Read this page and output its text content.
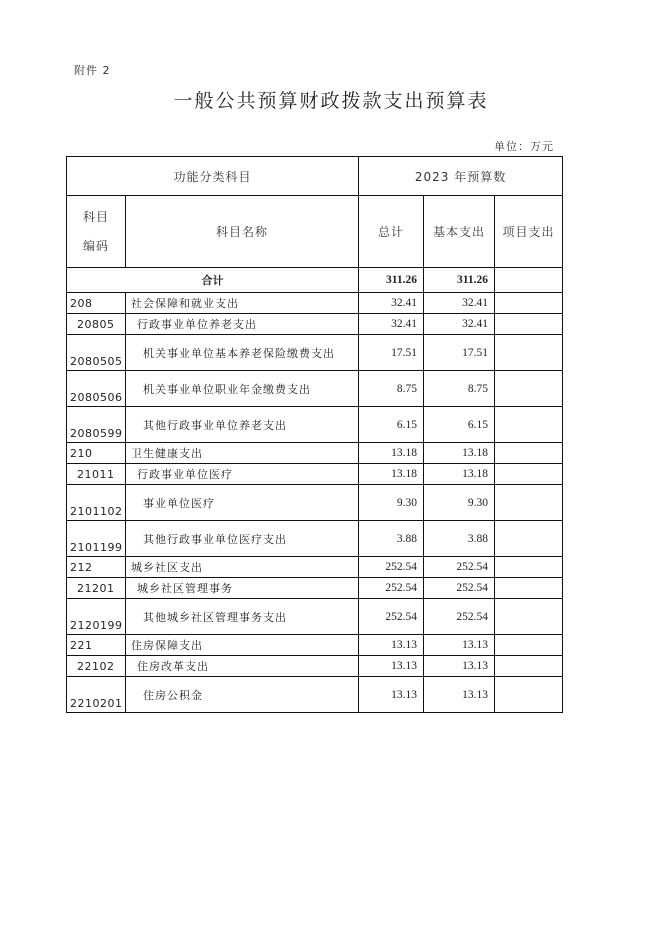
附件 2
一般公共预算财政拨款支出预算表
单位：万元
功能分类科目		2023 年预算数		

科目
编码	科目名称	总计	基本支出	项目支出
合计		311.26	311.26	
208	社会保障和就业支出	32.41	32.41	
20805	行政事业单位养老支出	32.41	32.41	
2080505	机关事业单位基本养老保险缴费支出	17.51	17.51	
2080506	机关事业单位职业年金缴费支出	8.75	8.75	
2080599	其他行政事业单位养老支出	6.15	6.15	
210	卫生健康支出	13.18	13.18	
21011	行政事业单位医疗	13.18	13.18	
2101102	事业单位医疗	9.30	9.30	
2101199	其他行政事业单位医疗支出	3.88	3.88	
212	城乡社区支出	252.54	252.54	
21201	城乡社区管理事务	252.54	252.54	
2120199	其他城乡社区管理事务支出	252.54	252.54	
221	住房保障支出	13.13	13.13	
22102	住房改革支出	13.13	13.13	
2210201	住房公积金	13.13	13.13	
